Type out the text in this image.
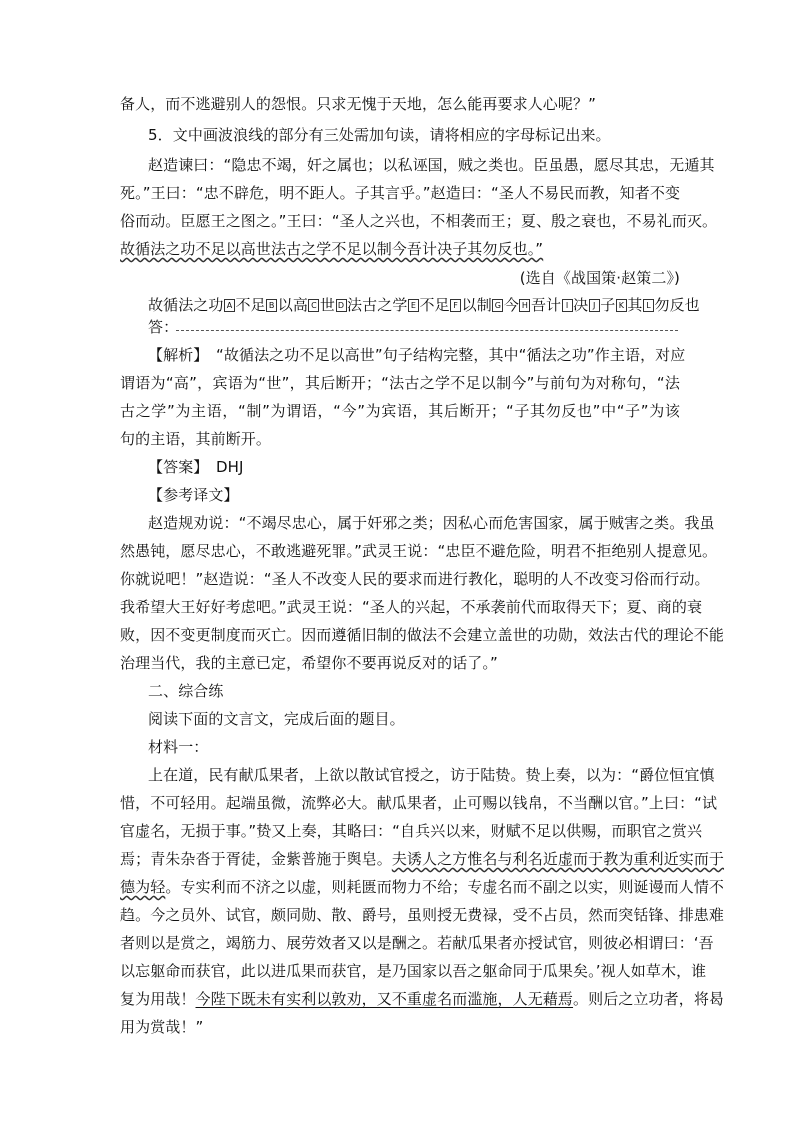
备人，而不逃避别人的怨恨。只求无愧于天地，怎么能再要求人心呢？”
5．文中画波浪线的部分有三处需加句读，请将相应的字母标记出来。
赵造谏曰：“隐忠不竭，奸之属也；以私诬国，贼之类也。臣虽愚，愿尽其忠，无遁其
死。”王曰：“忠不辟危，明不距人。子其言乎。”赵造曰：“圣人不易民而教，知者不变
俗而动。臣愿王之图之。”王曰：“圣人之兴也，不相袭而王；夏、殷之衰也，不易礼而灭。
故循法之功不足以高世法古之学不足以制今吾计决子其勿反也。”
(选自《战国策·赵策二》)
故循法之功 A 不足 B 以高 C 世 D 法古之学 E 不足 F 以制 G 今 H 吾计 I 决 J 子 K 其 L 勿反也
答：
【解析】　“故循法之功不足以高世”句子结构完整，其中“循法之功”作主语，对应
谓语为“高”，宾语为“世”，其后断开；“法古之学不足以制今”与前句为对称句，“法
古之学”为主语，“制”为谓语，“今”为宾语，其后断开；“子其勿反也”中“子”为该
句的主语，其前断开。
【答案】　DHJ
【参考译文】
赵造规劝说：“不竭尽忠心，属于奸邪之类；因私心而危害国家，属于贼害之类。我虽
然愚钝，愿尽忠心，不敢逃避死罪。”武灵王说：“忠臣不避危险，明君不拒绝别人提意见。
你就说吧！”赵造说：“圣人不改变人民的要求而进行教化，聪明的人不改变习俗而行动。
我希望大王好好考虑吧。”武灵王说：“圣人的兴起，不承袭前代而取得天下；夏、商的衰
败，因不变更制度而灭亡。因而遵循旧制的做法不会建立盖世的功勋，效法古代的理论不能
治理当代，我的主意已定，希望你不要再说反对的话了。”
二、综合练
阅读下面的文言文，完成后面的题目。
材料一：
上在道，民有献瓜果者，上欲以散试官授之，访于陆贽。贽上奏，以为：“爵位恒宜慎
惜，不可轻用。起端虽微，流弊必大。献瓜果者，止可赐以钱帛，不当酬以官。”上曰：“试
官虚名，无损于事。”贽又上奏，其略曰：“自兵兴以来，财赋不足以供赐，而职官之赏兴
焉；青朱杂沓于胥徒，金紫普施于舆皂。夫诱人之方惟名与利名近虚而于教为重利近实而于
德为轻。专实利而不济之以虚，则耗匮而物力不给；专虚名而不副之以实，则诞谩而人情不
趋。今之员外、试官，颇同勋、散、爵号，虽则授无费禄，受不占员，然而突铦锋、排患难
者则以是赏之，竭筋力、展劳效者又以是酬之。若献瓜果者亦授试官，则彼必相谓曰：‘吾
以忘躯命而获官，此以进瓜果而获官，是乃国家以吾之躯命同于瓜果矣。’视人如草木，谁
复为用哉！今陛下既未有实利以敦劝，又不重虚名而滥施，人无藉焉。则后之立功者，将曷
用为赏哉！”
